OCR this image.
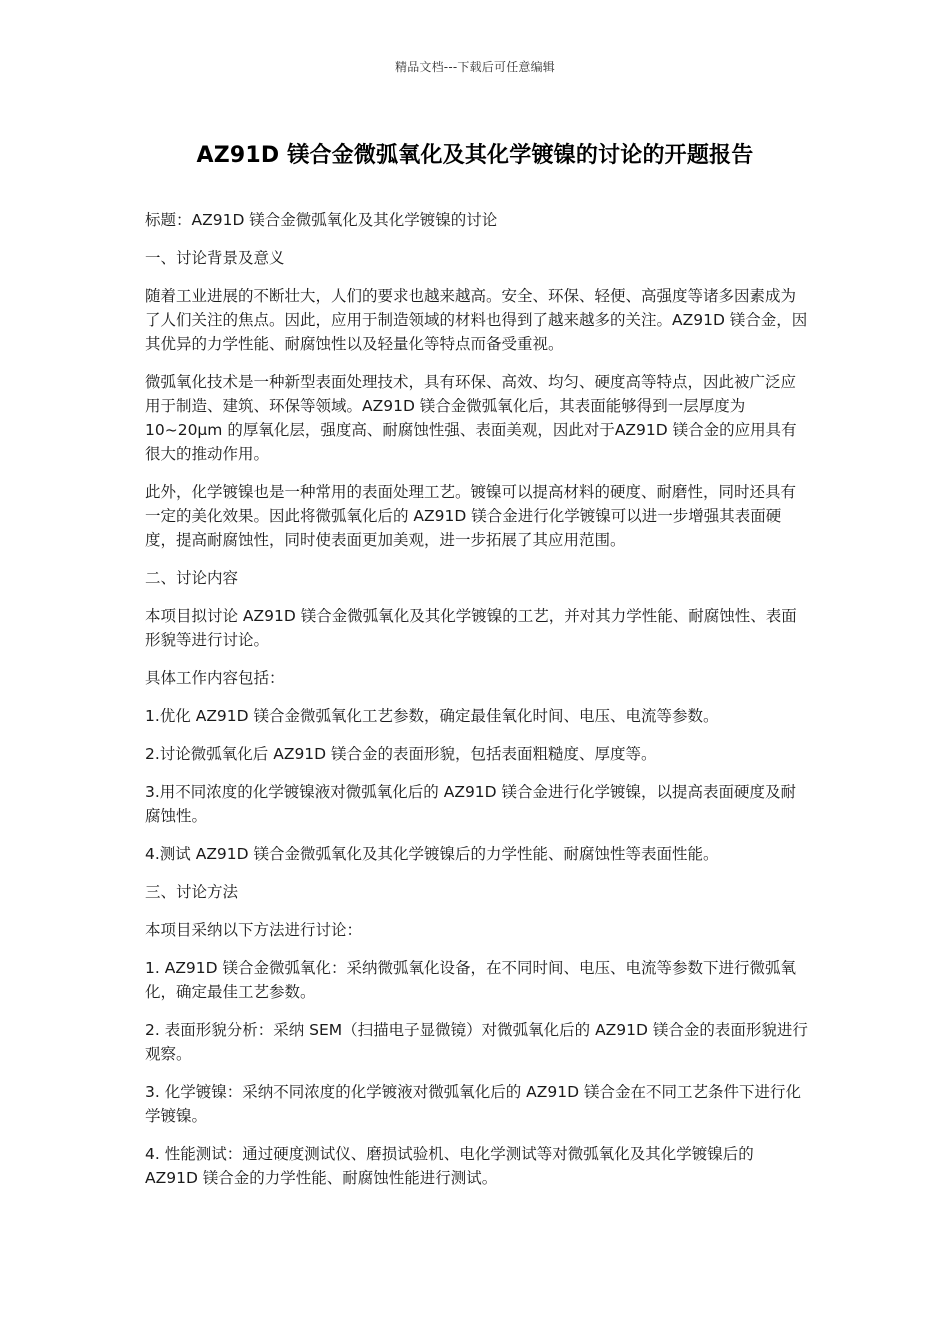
精品文档---下载后可任意编辑
AZ91D 镁合金微弧氧化及其化学镀镍的讨论的开题报告

标题：AZ91D 镁合金微弧氧化及其化学镀镍的讨论

一、讨论背景及意义

随着工业进展的不断壮大，人们的要求也越来越高。安全、环保、轻便、高强度等诸多因素成为了人们关注的焦点。因此，应用于制造领域的材料也得到了越来越多的关注。AZ91D 镁合金，因其优异的力学性能、耐腐蚀性以及轻量化等特点而备受重视。

微弧氧化技术是一种新型表面处理技术，具有环保、高效、均匀、硬度高等特点，因此被广泛应用于制造、建筑、环保等领域。AZ91D 镁合金微弧氧化后，其表面能够得到一层厚度为 10~20μm 的厚氧化层，强度高、耐腐蚀性强、表面美观，因此对于AZ91D 镁合金的应用具有很大的推动作用。

此外，化学镀镍也是一种常用的表面处理工艺。镀镍可以提高材料的硬度、耐磨性，同时还具有一定的美化效果。因此将微弧氧化后的 AZ91D 镁合金进行化学镀镍可以进一步增强其表面硬度，提高耐腐蚀性，同时使表面更加美观，进一步拓展了其应用范围。

二、讨论内容

本项目拟讨论 AZ91D 镁合金微弧氧化及其化学镀镍的工艺，并对其力学性能、耐腐蚀性、表面形貌等进行讨论。

具体工作内容包括：

1.优化 AZ91D 镁合金微弧氧化工艺参数，确定最佳氧化时间、电压、电流等参数。

2.讨论微弧氧化后 AZ91D 镁合金的表面形貌，包括表面粗糙度、厚度等。

3.用不同浓度的化学镀镍液对微弧氧化后的 AZ91D 镁合金进行化学镀镍，以提高表面硬度及耐腐蚀性。

4.测试 AZ91D 镁合金微弧氧化及其化学镀镍后的力学性能、耐腐蚀性等表面性能。

三、讨论方法

本项目采纳以下方法进行讨论：

1. AZ91D 镁合金微弧氧化：采纳微弧氧化设备，在不同时间、电压、电流等参数下进行微弧氧化，确定最佳工艺参数。

2. 表面形貌分析：采纳 SEM（扫描电子显微镜）对微弧氧化后的 AZ91D 镁合金的表面形貌进行观察。

3. 化学镀镍：采纳不同浓度的化学镀液对微弧氧化后的 AZ91D 镁合金在不同工艺条件下进行化学镀镍。

4. 性能测试：通过硬度测试仪、磨损试验机、电化学测试等对微弧氧化及其化学镀镍后的 AZ91D 镁合金的力学性能、耐腐蚀性能进行测试。
